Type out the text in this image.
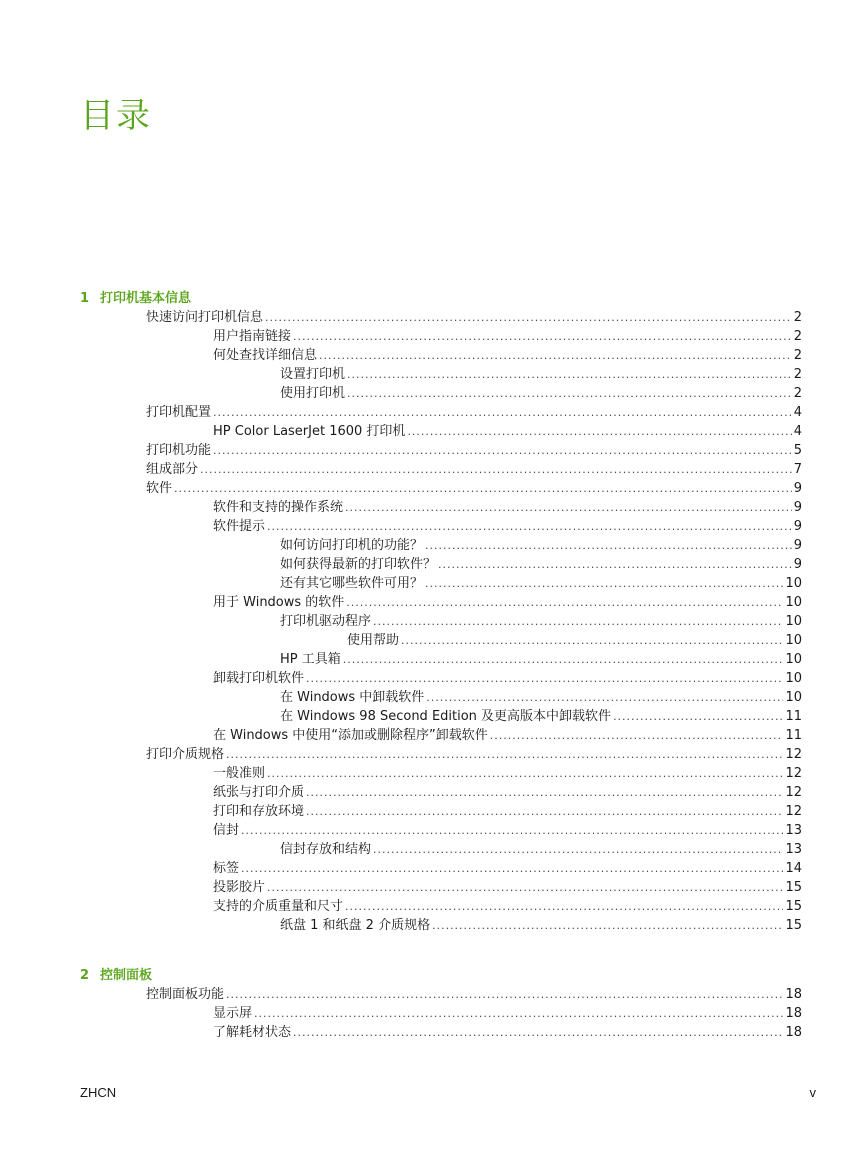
目录
1 打印机基本信息
快速访问打印机信息 .....	2
用户指南链接 .....	2
何处查找详细信息 .....	2
设置打印机 .....	2
使用打印机 .....	2
打印机配置 .....	4
HP Color LaserJet 1600 打印机 .....	4
打印机功能 .....	5
组成部分 .....	7
软件 .....	9
软件和支持的操作系统 .....	9
软件提示 .....	9
如何访问打印机的功能？ .....	9
如何获得最新的打印软件？ .....	9
还有其它哪些软件可用？ .....	10
用于 Windows 的软件 .....	10
打印机驱动程序 .....	10
使用帮助 .....	10
HP 工具箱 .....	10
卸载打印机软件 .....	10
在 Windows 中卸载软件 .....	10
在 Windows 98 Second Edition 及更高版本中卸载软件 .....	11
在 Windows 中使用“添加或删除程序”卸载软件 .....	11
打印介质规格 .....	12
一般准则 .....	12
纸张与打印介质 .....	12
打印和存放环境 .....	12
信封 .....	13
信封存放和结构 .....	13
标签 .....	14
投影胶片 .....	15
支持的介质重量和尺寸 .....	15
纸盘 1 和纸盘 2 介质规格 .....	15
2 控制面板
控制面板功能 .....	18
显示屏 .....	18
了解耗材状态 .....	18
ZHCN	v
